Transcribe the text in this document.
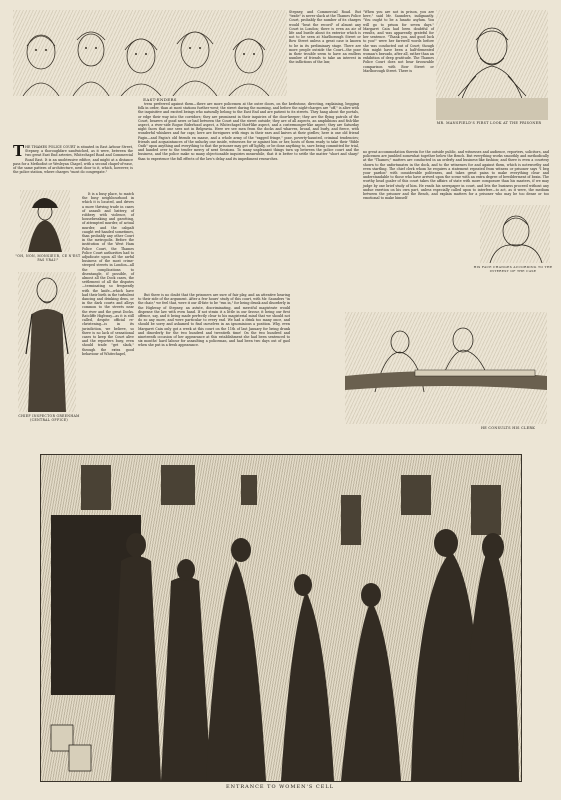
EAST-ENDERS

Stepney, and Commercial Road. But "trade" is never slack at the Thames Police Court, probably the number of its charges would "beat the record" of almost any Court in London; there is even an air of life and bustle about its exterior which is not to be seen at Marlborough Street or Bow Street unless a great case is known to be in its preliminary stage. There are more people outside the Court—the poor in their trouble seem to have an endless number of friends to take an interest in the inflictions of the law,

"When you are not in prison, you are here," said Mr. Saunders, indignantly. "You ought to be a lunatic asylum. You will go to prison for seven days." Margaret Cain had been doubtful of results, and was apparently grateful for her sentence. "Thank you, and good luck to you!" were her farewell words before she was conducted out of Court; though this might have been a half-demented woman's bravado, after all, rather than an exhibition of deep gratitude. The Thames Police Court does not bear favourable comparison with Bow Street or Marlborough Street. There is

MR. MANSFIELD'S FIRST LOOK AT THE PRISONER
T HE THAMES POLICE COURT is situated in East Arbour Street, Stepney, a thoroughfare sandwiched, as it were, between the two great East End arteries, Whitechapel Road and Commercial Road East. It is an unobtrusive edifice, and might at a distance pass for a Methodist or Wesleyan Chapel, with a second chapel-of-ease, of the same pattern of architecture, next door to it, which, however, is the police station, where charges "most do congregate."
"OH, NON, MONSIEUR, CE N'EST PAS VRAI!"
CHIEF INSPECTOR GREENHAM (CENTRAL OFFICE)

It is a busy place, to match the busy neighbourhood in which it is located, and drives a more thriving trade in cases of assault and battery, of robbery with violence, of housebreaking and garotting, of attempted murder, of actual murder, and the cabpalt caught red-handed sometimes, than probably any other Court in the metropolis. Before the institution of the West Ham Police Court, the Thames Police Court authorities had to adjudicate upon all the awful business of the most crime-steeped streets in London—all the complications to disentangle, if possible, of almost all the Dock cases, the settlement of all the disputes—terminating so frequently with the knife—which have had their birth in the turbulent dancing and drinking dens, or in the dark courts and alleys common to the streets near the river and the great Docks. Ratcliffe Highway—as it is still called, despite official re-christening—is in its jurisdiction, we believe, so there is no lack of sensational cases to keep the Court alive and the reporters busy, even should trade "get slack," through the extra good behaviour of Whitechapel,

tress preferred against them—there are more policemen at the outer doors, on the kerbstone, directing, explaining, begging folk in order, than at most stations further west; the street during the morning, and before the night-charges are "off," is alive with the inquisitive and excited beings who naturally belong to the East End and are patient to its streets. They hang about the portals, or edge their way into the corridors; they are prominent in their inquiries of the door-keeper; they are the flying patrols of the Court, bearers of good news or bad between the Court and the street outside; they are of all aspects, an amphibious and fish-like aspect, a river-side Rogue Riderhood aspect, a Whitechapel thief-like aspect, and a costermonger-like aspect; they are Saturday night faces that one sees not in Belgravia. Here we see men from the docks and wharves, broad, and burly, and fierce, with wonderful whiskers and fur caps; here are foreigners with rings in their ears and knives at their girdles; here is one old friend Fagin—and Fagin's old friends en masse, and a whole army of the "ragged fringe," poor, poverty-haunted, criminal tendencies; friends and acquaintances of the unlucky one inside, witnesses for or against him or her, hosts of them ready to take their "Bible Oath" upon anything and everything to that the prisoner may get off lightly, or be done anything to, save being committed for trial, and handed over to the tender mercy of next Sessions. To many unpleasant things turn up between the police court and the business, and the police make so many objectionable inquiries meanwhile, that it is better to settle the matter "short and sharp" than to experience the full effects of the law's delay and its impediment researches.

But there is no doubt that the prisoners are sure of fair play, and an attentive hearing to their side of the argument. After a few hours' study of this court, with Mr. Saunders "in the chair," we feel that, were it our ill-fate to be "run in," for being drunk and disorderly in the Highway of Stepney, an astute, discriminating, and merciful magistrate would dispense the law with even hand. If not strain it a little in our favour, it being our first offence, say, and it being made perfectly clear to his magisterial mind that we should not do so any more, and were particular to every end. We had a drink too many once, and should be sorry and ashamed to find ourselves in an ignominious a position. Why, even Margaret Cain only got a week at this court on the 11th of last January for being drunk and disorderly for the two hundred and twentieth time! On the two hundred and nineteenth occasion of her appearance at this establishment she had been sentenced to six months' hard labour for assaulting a policeman, and had been two days out of gaol when she put in a fresh appearance.

no great accommodation therein for the outside public, and witnesses and audience, reporters, solicitors, and policemen are jumbled somewhat together below the Bench. But everything works smoothly and methodically at the "Thames;" matters are conducted in an orderly and business-like fashion; and there is even a courtesy shown to the unfortunates in the dock, and to the witnesses for and against them, which is noteworthy and even startling. The chief clerk whom he requires a statement repeated from witness or prisoner says "I beg your pardon" with considerable politeness, and takes great pains to make everything clear and understandable to those who have arrived upon the scene with an extra degree of bewilderment of brain. The worthy head goaler of this court takes the affairs of state with more composure than his masters, if we may judge by one brief study of him. He reads his newspaper in court, and lets the business proceed without any undue exertion on his own part, unless especially called upon to interfere—to act, as it were, the medium between the prisoner and the Bench, and explain matters for a prisoner who may be too dense or too emotional to make himself

HIS FACE CHANGES ACCORDING TO THE INTEREST OF THE CASE
HE CONSULTS HIS CLERK
ENTRANCE TO WOMEN'S CELL
